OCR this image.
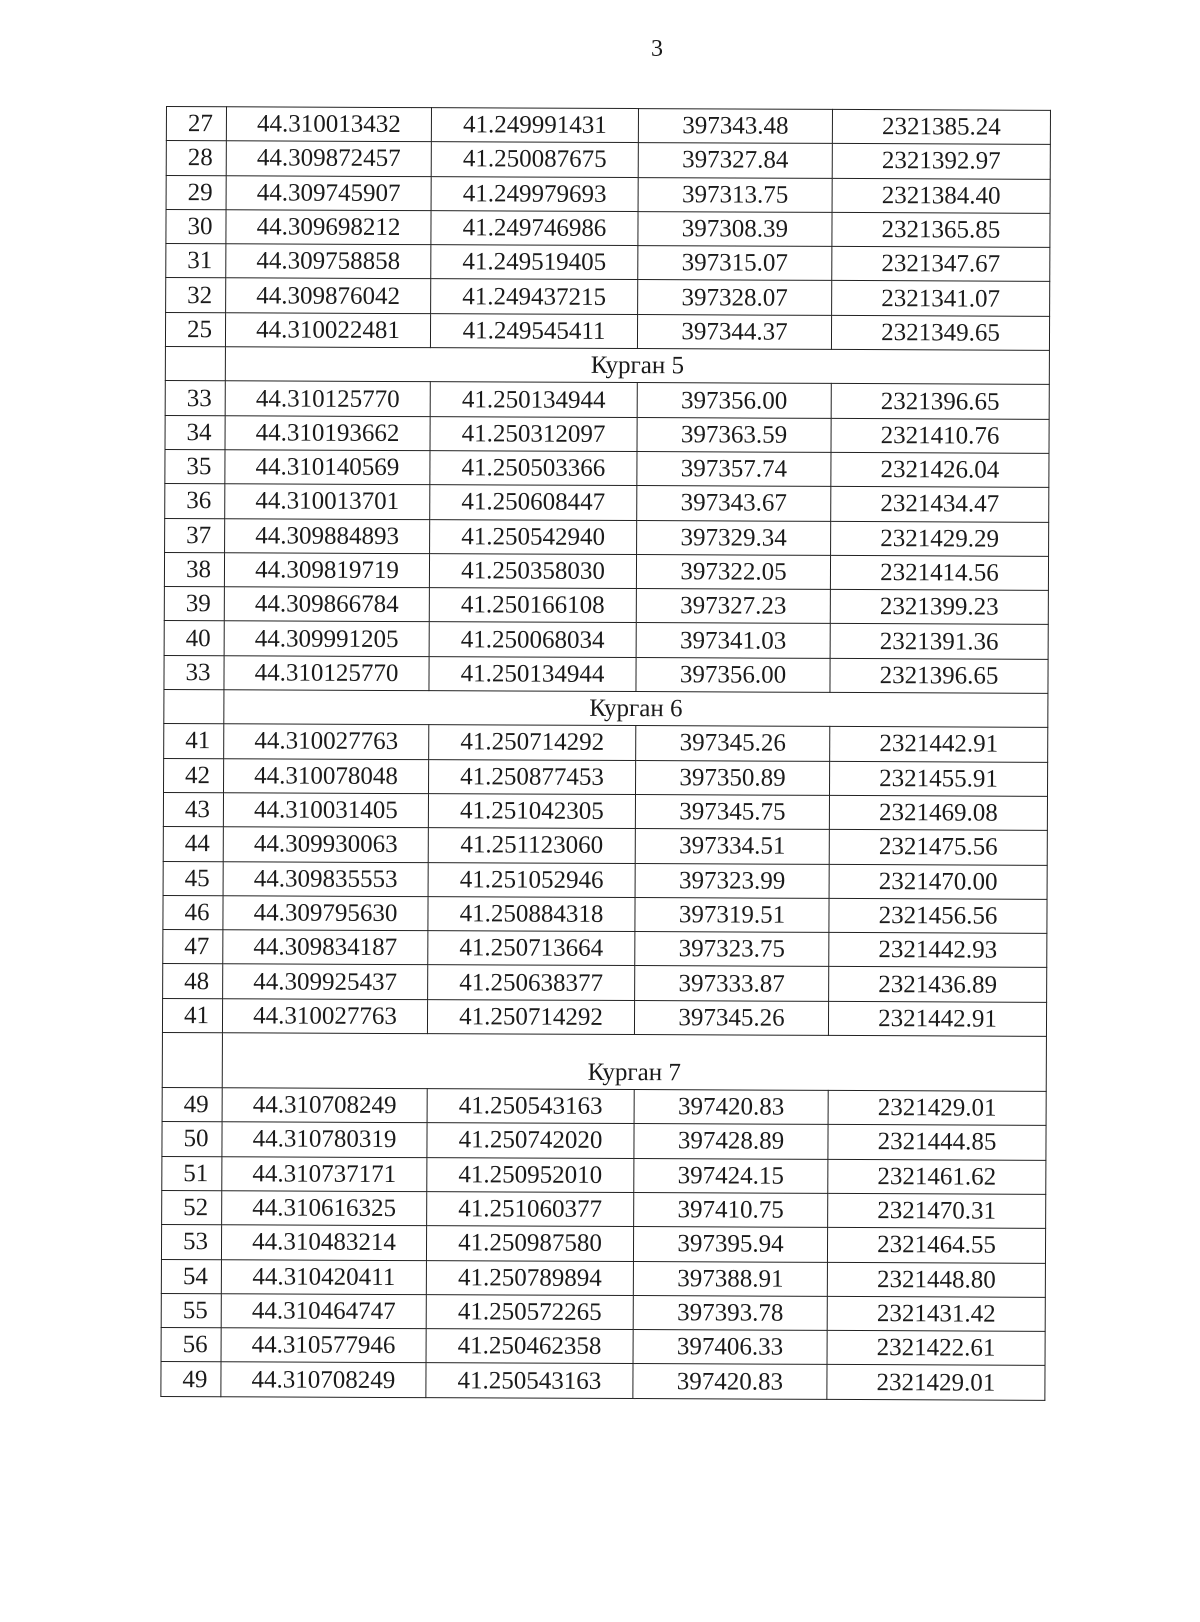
3
27	44.310013432	41.249991431	397343.48	2321385.24
28	44.309872457	41.250087675	397327.84	2321392.97
29	44.309745907	41.249979693	397313.75	2321384.40
30	44.309698212	41.249746986	397308.39	2321365.85
31	44.309758858	41.249519405	397315.07	2321347.67
32	44.309876042	41.249437215	397328.07	2321341.07
25	44.310022481	41.249545411	397344.37	2321349.65
	Курган 5			
33	44.310125770	41.250134944	397356.00	2321396.65
34	44.310193662	41.250312097	397363.59	2321410.76
35	44.310140569	41.250503366	397357.74	2321426.04
36	44.310013701	41.250608447	397343.67	2321434.47
37	44.309884893	41.250542940	397329.34	2321429.29
38	44.309819719	41.250358030	397322.05	2321414.56
39	44.309866784	41.250166108	397327.23	2321399.23
40	44.309991205	41.250068034	397341.03	2321391.36
33	44.310125770	41.250134944	397356.00	2321396.65
	Курган 6			
41	44.310027763	41.250714292	397345.26	2321442.91
42	44.310078048	41.250877453	397350.89	2321455.91
43	44.310031405	41.251042305	397345.75	2321469.08
44	44.309930063	41.251123060	397334.51	2321475.56
45	44.309835553	41.251052946	397323.99	2321470.00
46	44.309795630	41.250884318	397319.51	2321456.56
47	44.309834187	41.250713664	397323.75	2321442.93
48	44.309925437	41.250638377	397333.87	2321436.89
41	44.310027763	41.250714292	397345.26	2321442.91
	Курган 7			
49	44.310708249	41.250543163	397420.83	2321429.01
50	44.310780319	41.250742020	397428.89	2321444.85
51	44.310737171	41.250952010	397424.15	2321461.62
52	44.310616325	41.251060377	397410.75	2321470.31
53	44.310483214	41.250987580	397395.94	2321464.55
54	44.310420411	41.250789894	397388.91	2321448.80
55	44.310464747	41.250572265	397393.78	2321431.42
56	44.310577946	41.250462358	397406.33	2321422.61
49	44.310708249	41.250543163	397420.83	2321429.01
